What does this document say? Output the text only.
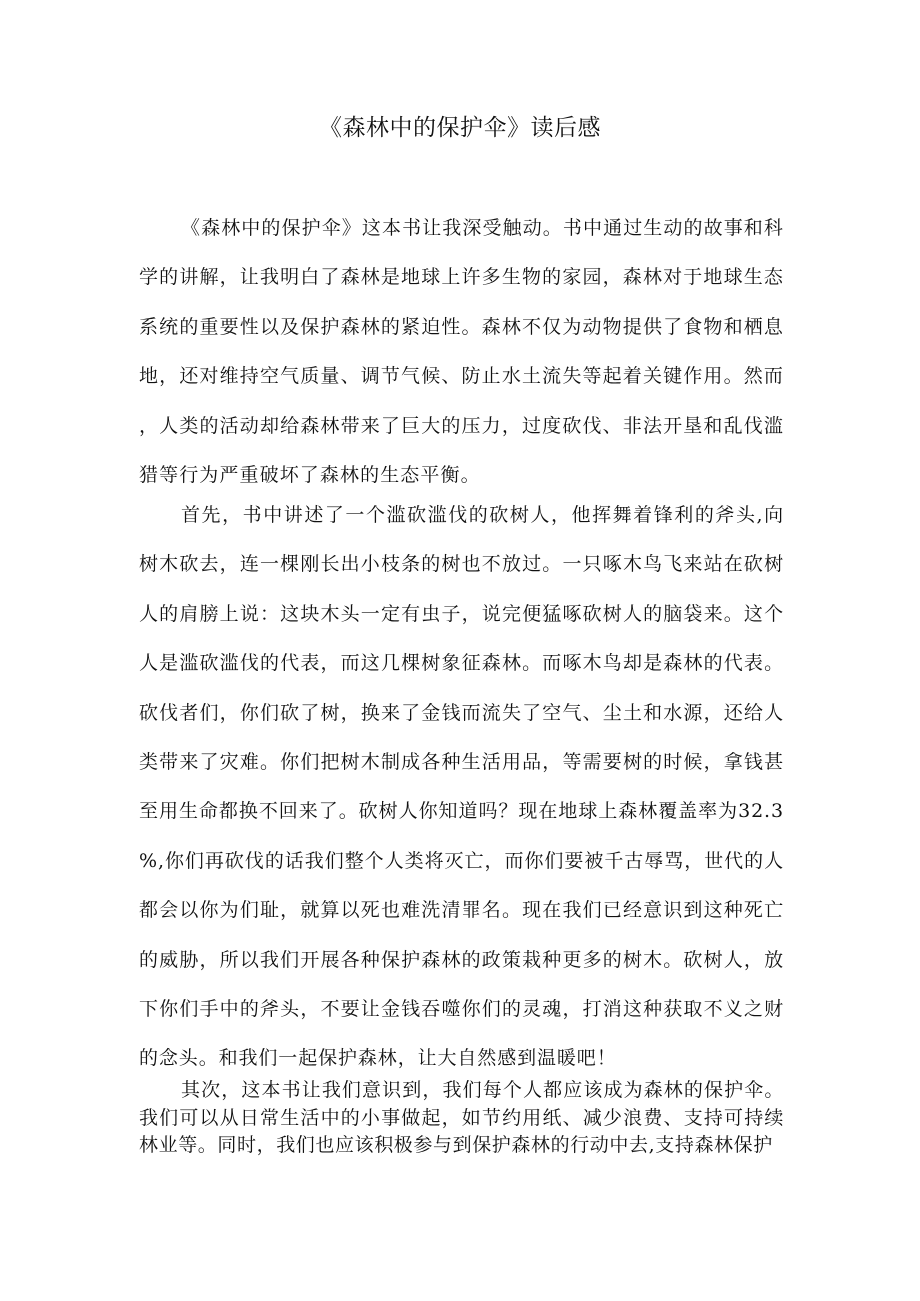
《森林中的保护伞》读后感

《森林中的保护伞》这本书让我深受触动。书中通过生动的故事和科学的讲解，让我明白了森林是地球上许多生物的家园，森林对于地球生态系统的重要性以及保护森林的紧迫性。森林不仅为动物提供了食物和栖息地，还对维持空气质量、调节气候、防止水土流失等起着关键作用。然而，人类的活动却给森林带来了巨大的压力，过度砍伐、非法开垦和乱伐滥猎等行为严重破坏了森林的生态平衡。

首先，书中讲述了一个滥砍滥伐的砍树人，他挥舞着锋利的斧头,向树木砍去，连一棵刚长出小枝条的树也不放过。一只啄木鸟飞来站在砍树人的肩膀上说：这块木头一定有虫子，说完便猛啄砍树人的脑袋来。这个人是滥砍滥伐的代表，而这几棵树象征森林。而啄木鸟却是森林的代表。砍伐者们，你们砍了树，换来了金钱而流失了空气、尘土和水源，还给人类带来了灾难。你们把树木制成各种生活用品，等需要树的时候，拿钱甚至用生命都换不回来了。砍树人你知道吗？现在地球上森林覆盖率为32.3%,你们再砍伐的话我们整个人类将灭亡，而你们要被千古辱骂，世代的人都会以你为们耻，就算以死也难洗清罪名。现在我们已经意识到这种死亡的威胁，所以我们开展各种保护森林的政策栽种更多的树木。砍树人，放下你们手中的斧头，不要让金钱吞噬你们的灵魂，打消这种获取不义之财的念头。和我们一起保护森林，让大自然感到温暖吧！

其次，这本书让我们意识到，我们每个人都应该成为森林的保护伞。我们可以从日常生活中的小事做起，如节约用纸、减少浪费、支持可持续林业等。同时，我们也应该积极参与到保护森林的行动中去,支持森林保护
